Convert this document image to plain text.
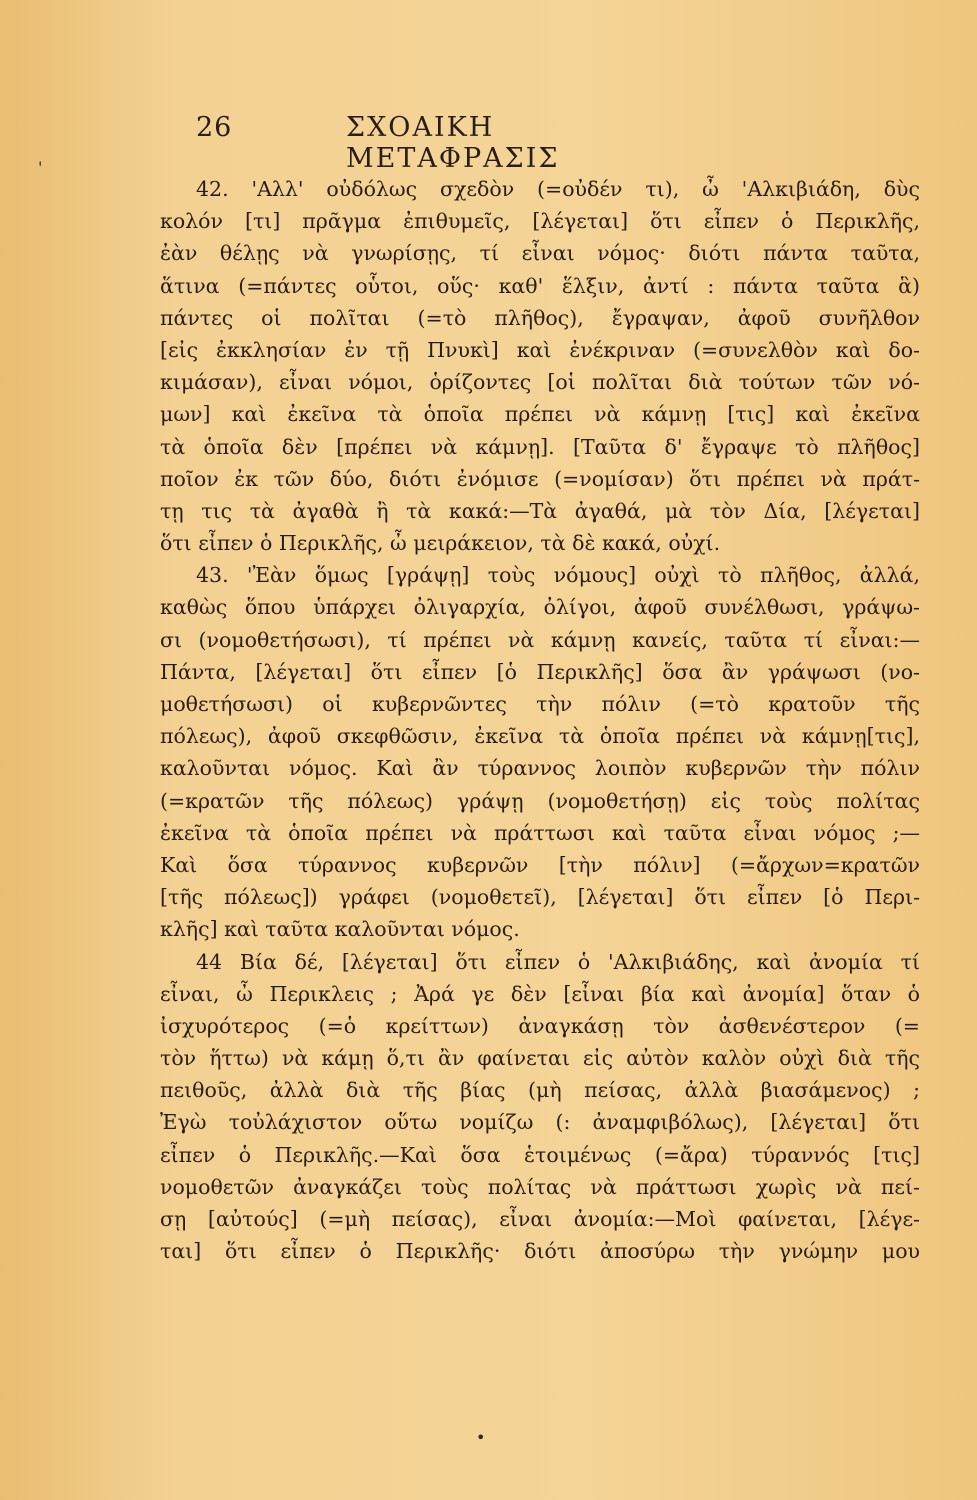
26	ΣΧΟΑΙΚΗ ΜΕΤΑΦΡΑΣΙΣ
42. 'Αλλ' οὐδόλως σχεδὸν (=οὐδέν τι), ὦ 'Αλκιβιάδη, δὺς
κολόν [τι] πρᾶγμα ἐπιθυμεῖς, [λέγεται] ὅτι εἶπεν ὁ Περικλῆς,
ἐὰν θέλῃς νὰ γνωρίσῃς, τί εἶναι νόμος· διότι πάντα ταῦτα,
ἅτινα (=πάντες οὗτοι, οὕς· καθ' ἕλξιν, ἀντί : πάντα ταῦτα ἃ)
πάντες οἱ πολῖται (=τὸ πλῆθος), ἔγραψαν, ἀφοῦ συνῆλθον
[εἰς ἐκκλησίαν ἐν τῇ Πνυκὶ] καὶ ἐνέκριναν (=συνελθὸν καὶ δο-
κιμάσαν), εἶναι νόμοι, ὁρίζοντες [οἱ πολῖται διὰ τούτων τῶν νό-
μων] καὶ ἐκεῖνα τὰ ὁποῖα πρέπει νὰ κάμνῃ [τις] καὶ ἐκεῖνα
τὰ ὁποῖα δὲν [πρέπει νὰ κάμνῃ]. [Ταῦτα δ' ἔγραψε τὸ πλῆθος]
ποῖον ἐκ τῶν δύο, διότι ἐνόμισε (=νομίσαν) ὅτι πρέπει νὰ πράτ-
τῃ τις τὰ ἀγαθὰ ἢ τὰ κακά:—Τὰ ἀγαθά, μὰ τὸν Δία, [λέγεται]
ὅτι εἶπεν ὁ Περικλῆς, ὦ μειράκειον, τὰ δὲ κακά, οὐχί.
43. 'Ἐὰν ὅμως [γράψῃ] τοὺς νόμους] οὐχὶ τὸ πλῆθος, ἀλλά,
καθὼς ὅπου ὑπάρχει ὀλιγαρχία, ὀλίγοι, ἀφοῦ συνέλθωσι, γράψω-
σι (νομοθετήσωσι), τί πρέπει νὰ κάμνῃ κανείς, ταῦτα τί εἶναι:—
Πάντα, [λέγεται] ὅτι εἶπεν [ὁ Περικλῆς] ὅσα ἂν γράψωσι (νο-
μοθετήσωσι) οἱ κυβερνῶντες τὴν πόλιν (=τὸ κρατοῦν τῆς
πόλεως), ἀφοῦ σκεφθῶσιν, ἐκεῖνα τὰ ὁποῖα πρέπει νὰ κάμνῃ[τις],
καλοῦνται νόμος. Καὶ ἂν τύραννος λοιπὸν κυβερνῶν τὴν πόλιν
(=κρατῶν τῆς πόλεως) γράψῃ (νομοθετήσῃ) εἰς τοὺς πολίτας
ἐκεῖνα τὰ ὁποῖα πρέπει νὰ πράττωσι καὶ ταῦτα εἶναι νόμος ;—
Καὶ ὅσα τύραννος κυβερνῶν [τὴν πόλιν] (=ἄρχων=κρατῶν
[τῆς πόλεως]) γράφει (νομοθετεῖ), [λέγεται] ὅτι εἶπεν [ὁ Περι-
κλῆς] καὶ ταῦτα καλοῦνται νόμος.
44 Βία δέ, [λέγεται] ὅτι εἶπεν ὁ 'Αλκιβιάδης, καὶ ἀνομία τί
εἶναι, ὦ Περικλεις ; Ἀρά γε δὲν [εἶναι βία καὶ ἀνομία] ὅταν ὁ
ἰσχυρότερος (=ὁ κρείττων) ἀναγκάσῃ τὸν ἀσθενέστερον (=
τὸν ἥττω) νὰ κάμῃ ὅ,τι ἂν φαίνεται εἰς αὐτὸν καλὸν οὐχὶ διὰ τῆς
πειθοῦς, ἀλλὰ διὰ τῆς βίας (μὴ πείσας, ἀλλὰ βιασάμενος) ;
Ἐγὼ τοὐλάχιστον οὕτω νομίζω (: ἀναμφιβόλως), [λέγεται] ὅτι
εἶπεν ὁ Περικλῆς.—Καὶ ὅσα ἑτοιμένως (=ἄρα) τύραννός [τις]
νομοθετῶν ἀναγκάζει τοὺς πολίτας νὰ πράττωσι χωρὶς νὰ πεί-
σῃ [αὐτούς] (=μὴ πείσας), εἶναι ἀνομία:—Μοὶ φαίνεται, [λέγε-
ται] ὅτι εἶπεν ὁ Περικλῆς· διότι ἀποσύρω τὴν γνώμην μου
'
•
